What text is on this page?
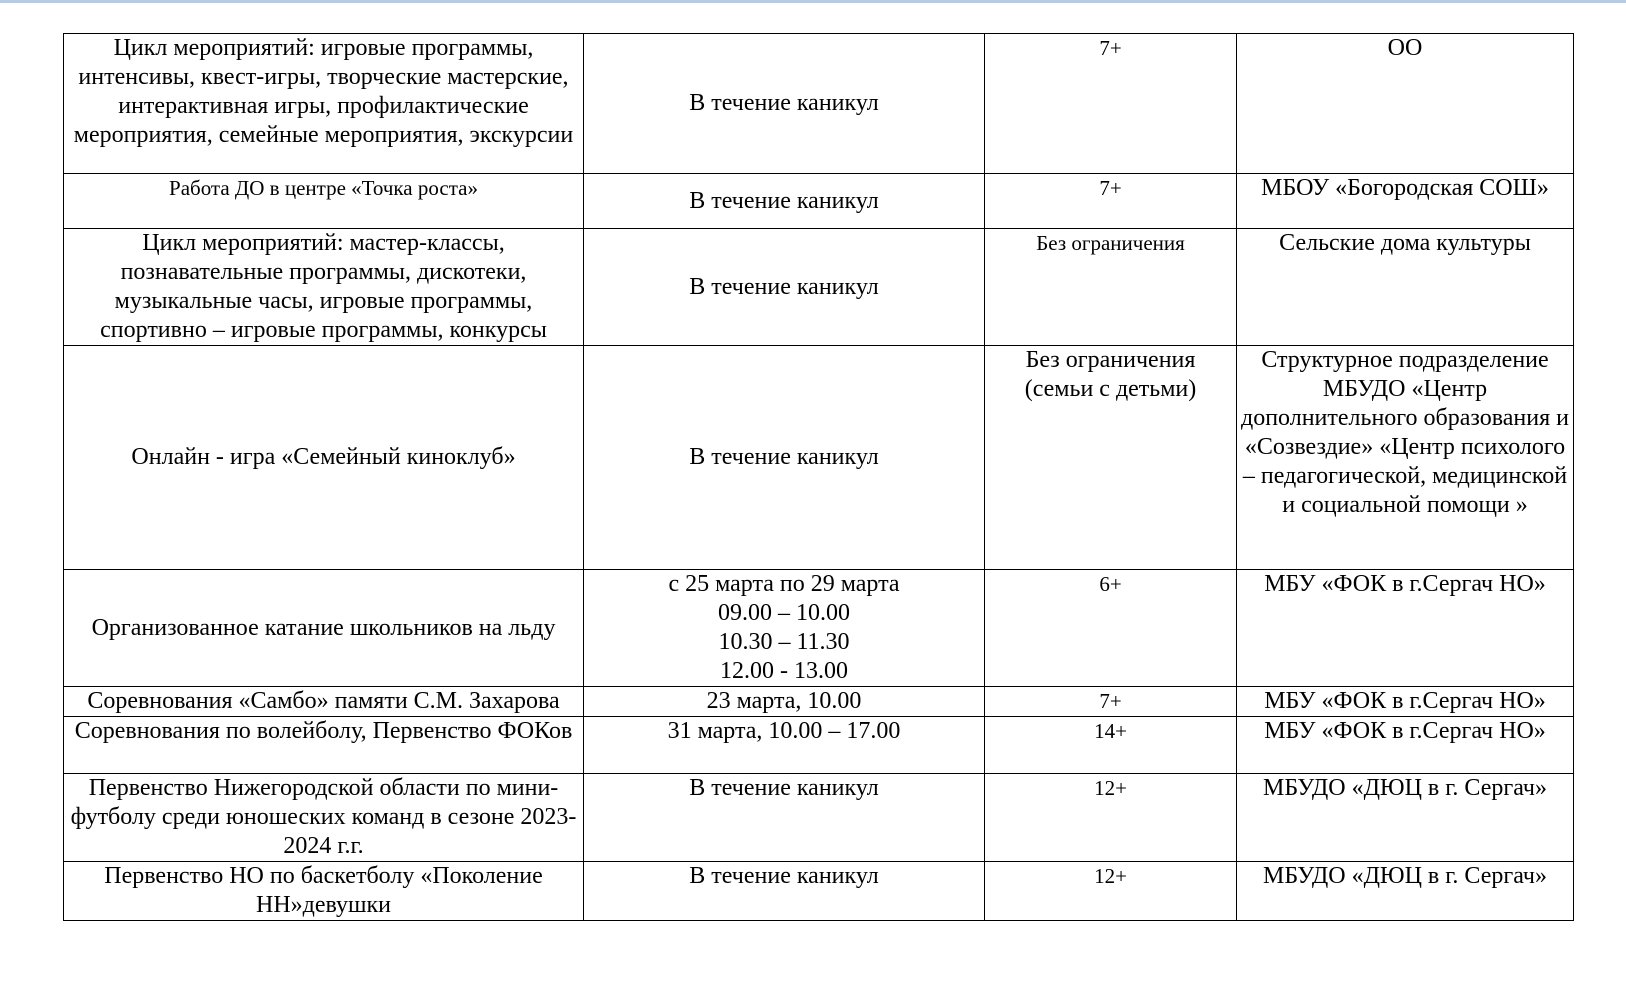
Цикл мероприятий: игровые программы, интенсивы, квест-игры, творческие мастерские, интерактивная игры, профилактические мероприятия, семейные мероприятия, экскурсии	В течение каникул	7+	ОО
Работа ДО в центре «Точка роста»	В течение каникул	7+	МБОУ «Богородская СОШ»
Цикл мероприятий: мастер-классы, познавательные программы, дискотеки, музыкальные часы, игровые программы, спортивно – игровые программы, конкурсы	В течение каникул	Без ограничения	Сельские дома культуры
Онлайн - игра «Семейный киноклуб»	В течение каникул	Без ограничения (семьи с детьми)	Структурное подразделение МБУДО «Центр дополнительного образования и «Созвездие» «Центр психолого – педагогической, медицинской и социальной помощи »
Организованное катание школьников на льду	с 25 марта по 29 марта
09.00 – 10.00
10.30 – 11.30
12.00 - 13.00	6+	МБУ «ФОК в г.Сергач НО»
Соревнования «Самбо» памяти С.М. Захарова	23 марта, 10.00	7+	МБУ «ФОК в г.Сергач НО»
Соревнования по волейболу, Первенство ФОКов	31 марта, 10.00 – 17.00	14+	МБУ «ФОК в г.Сергач НО»
Первенство Нижегородской области по мини-футболу среди юношеских команд в сезоне 2023-2024 г.г.	В течение каникул	12+	МБУДО «ДЮЦ в г. Сергач»
Первенство НО по баскетболу «Поколение НН»девушки	В течение каникул	12+	МБУДО «ДЮЦ в г. Сергач»
